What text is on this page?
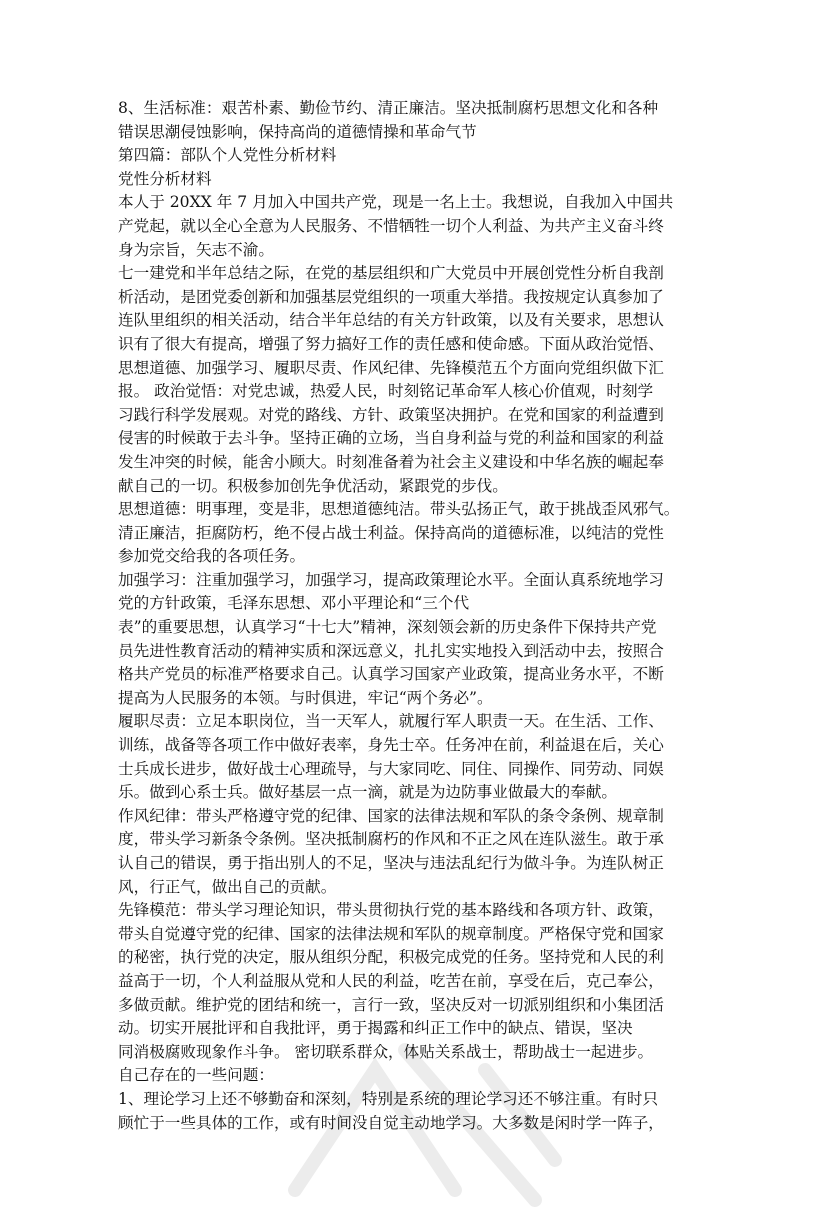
8、生活标准：艰苦朴素、勤俭节约、清正廉洁。坚决抵制腐朽思想文化和各种
错误思潮侵蚀影响，保持高尚的道德情操和革命气节
第四篇：部队个人党性分析材料
党性分析材料
本人于 20XX 年 7 月加入中国共产党，现是一名上士。我想说，自我加入中国共
产党起，就以全心全意为人民服务、不惜牺牲一切个人利益、为共产主义奋斗终
身为宗旨，矢志不渝。
七一建党和半年总结之际，在党的基层组织和广大党员中开展创党性分析自我剖
析活动，是团党委创新和加强基层党组织的一项重大举措。我按规定认真参加了
连队里组织的相关活动，结合半年总结的有关方针政策，以及有关要求，思想认
识有了很大有提高，增强了努力搞好工作的责任感和使命感。下面从政治觉悟、
思想道德、加强学习、履职尽责、作风纪律、先锋模范五个方面向党组织做下汇
报。 政治觉悟：对党忠诚，热爱人民，时刻铭记革命军人核心价值观，时刻学
习践行科学发展观。对党的路线、方针、政策坚决拥护。在党和国家的利益遭到
侵害的时候敢于去斗争。坚持正确的立场，当自身利益与党的利益和国家的利益
发生冲突的时候，能舍小顾大。时刻准备着为社会主义建设和中华名族的崛起奉
献自己的一切。积极参加创先争优活动，紧跟党的步伐。
思想道德：明事理，变是非，思想道德纯洁。带头弘扬正气，敢于挑战歪风邪气。
清正廉洁，拒腐防朽，绝不侵占战士利益。保持高尚的道德标准，以纯洁的党性
参加党交给我的各项任务。
加强学习：注重加强学习，加强学习，提高政策理论水平。全面认真系统地学习
党的方针政策，毛泽东思想、邓小平理论和“三个代
表”的重要思想，认真学习“十七大”精神，深刻领会新的历史条件下保持共产党
员先进性教育活动的精神实质和深远意义，扎扎实实地投入到活动中去，按照合
格共产党员的标准严格要求自己。认真学习国家产业政策，提高业务水平，不断
提高为人民服务的本领。与时俱进，牢记“两个务必”。
履职尽责：立足本职岗位，当一天军人，就履行军人职责一天。在生活、工作、
训练，战备等各项工作中做好表率，身先士卒。任务冲在前，利益退在后，关心
士兵成长进步，做好战士心理疏导，与大家同吃、同住、同操作、同劳动、同娱
乐。做到心系士兵。做好基层一点一滴，就是为边防事业做最大的奉献。
作风纪律：带头严格遵守党的纪律、国家的法律法规和军队的条令条例、规章制
度，带头学习新条令条例。坚决抵制腐朽的作风和不正之风在连队滋生。敢于承
认自己的错误，勇于指出别人的不足，坚决与违法乱纪行为做斗争。为连队树正
风，行正气，做出自己的贡献。
先锋模范：带头学习理论知识，带头贯彻执行党的基本路线和各项方针、政策，
带头自觉遵守党的纪律、国家的法律法规和军队的规章制度。严格保守党和国家
的秘密，执行党的决定，服从组织分配，积极完成党的任务。坚持党和人民的利
益高于一切，个人利益服从党和人民的利益，吃苦在前，享受在后，克己奉公，
多做贡献。维护党的团结和统一，言行一致，坚决反对一切派别组织和小集团活
动。切实开展批评和自我批评，勇于揭露和纠正工作中的缺点、错误，坚决
同消极腐败现象作斗争。 密切联系群众，体贴关系战士，帮助战士一起进步。
自己存在的一些问题：
1、理论学习上还不够勤奋和深刻，特别是系统的理论学习还不够注重。有时只
顾忙于一些具体的工作，或有时间没自觉主动地学习。大多数是闲时学一阵子，
